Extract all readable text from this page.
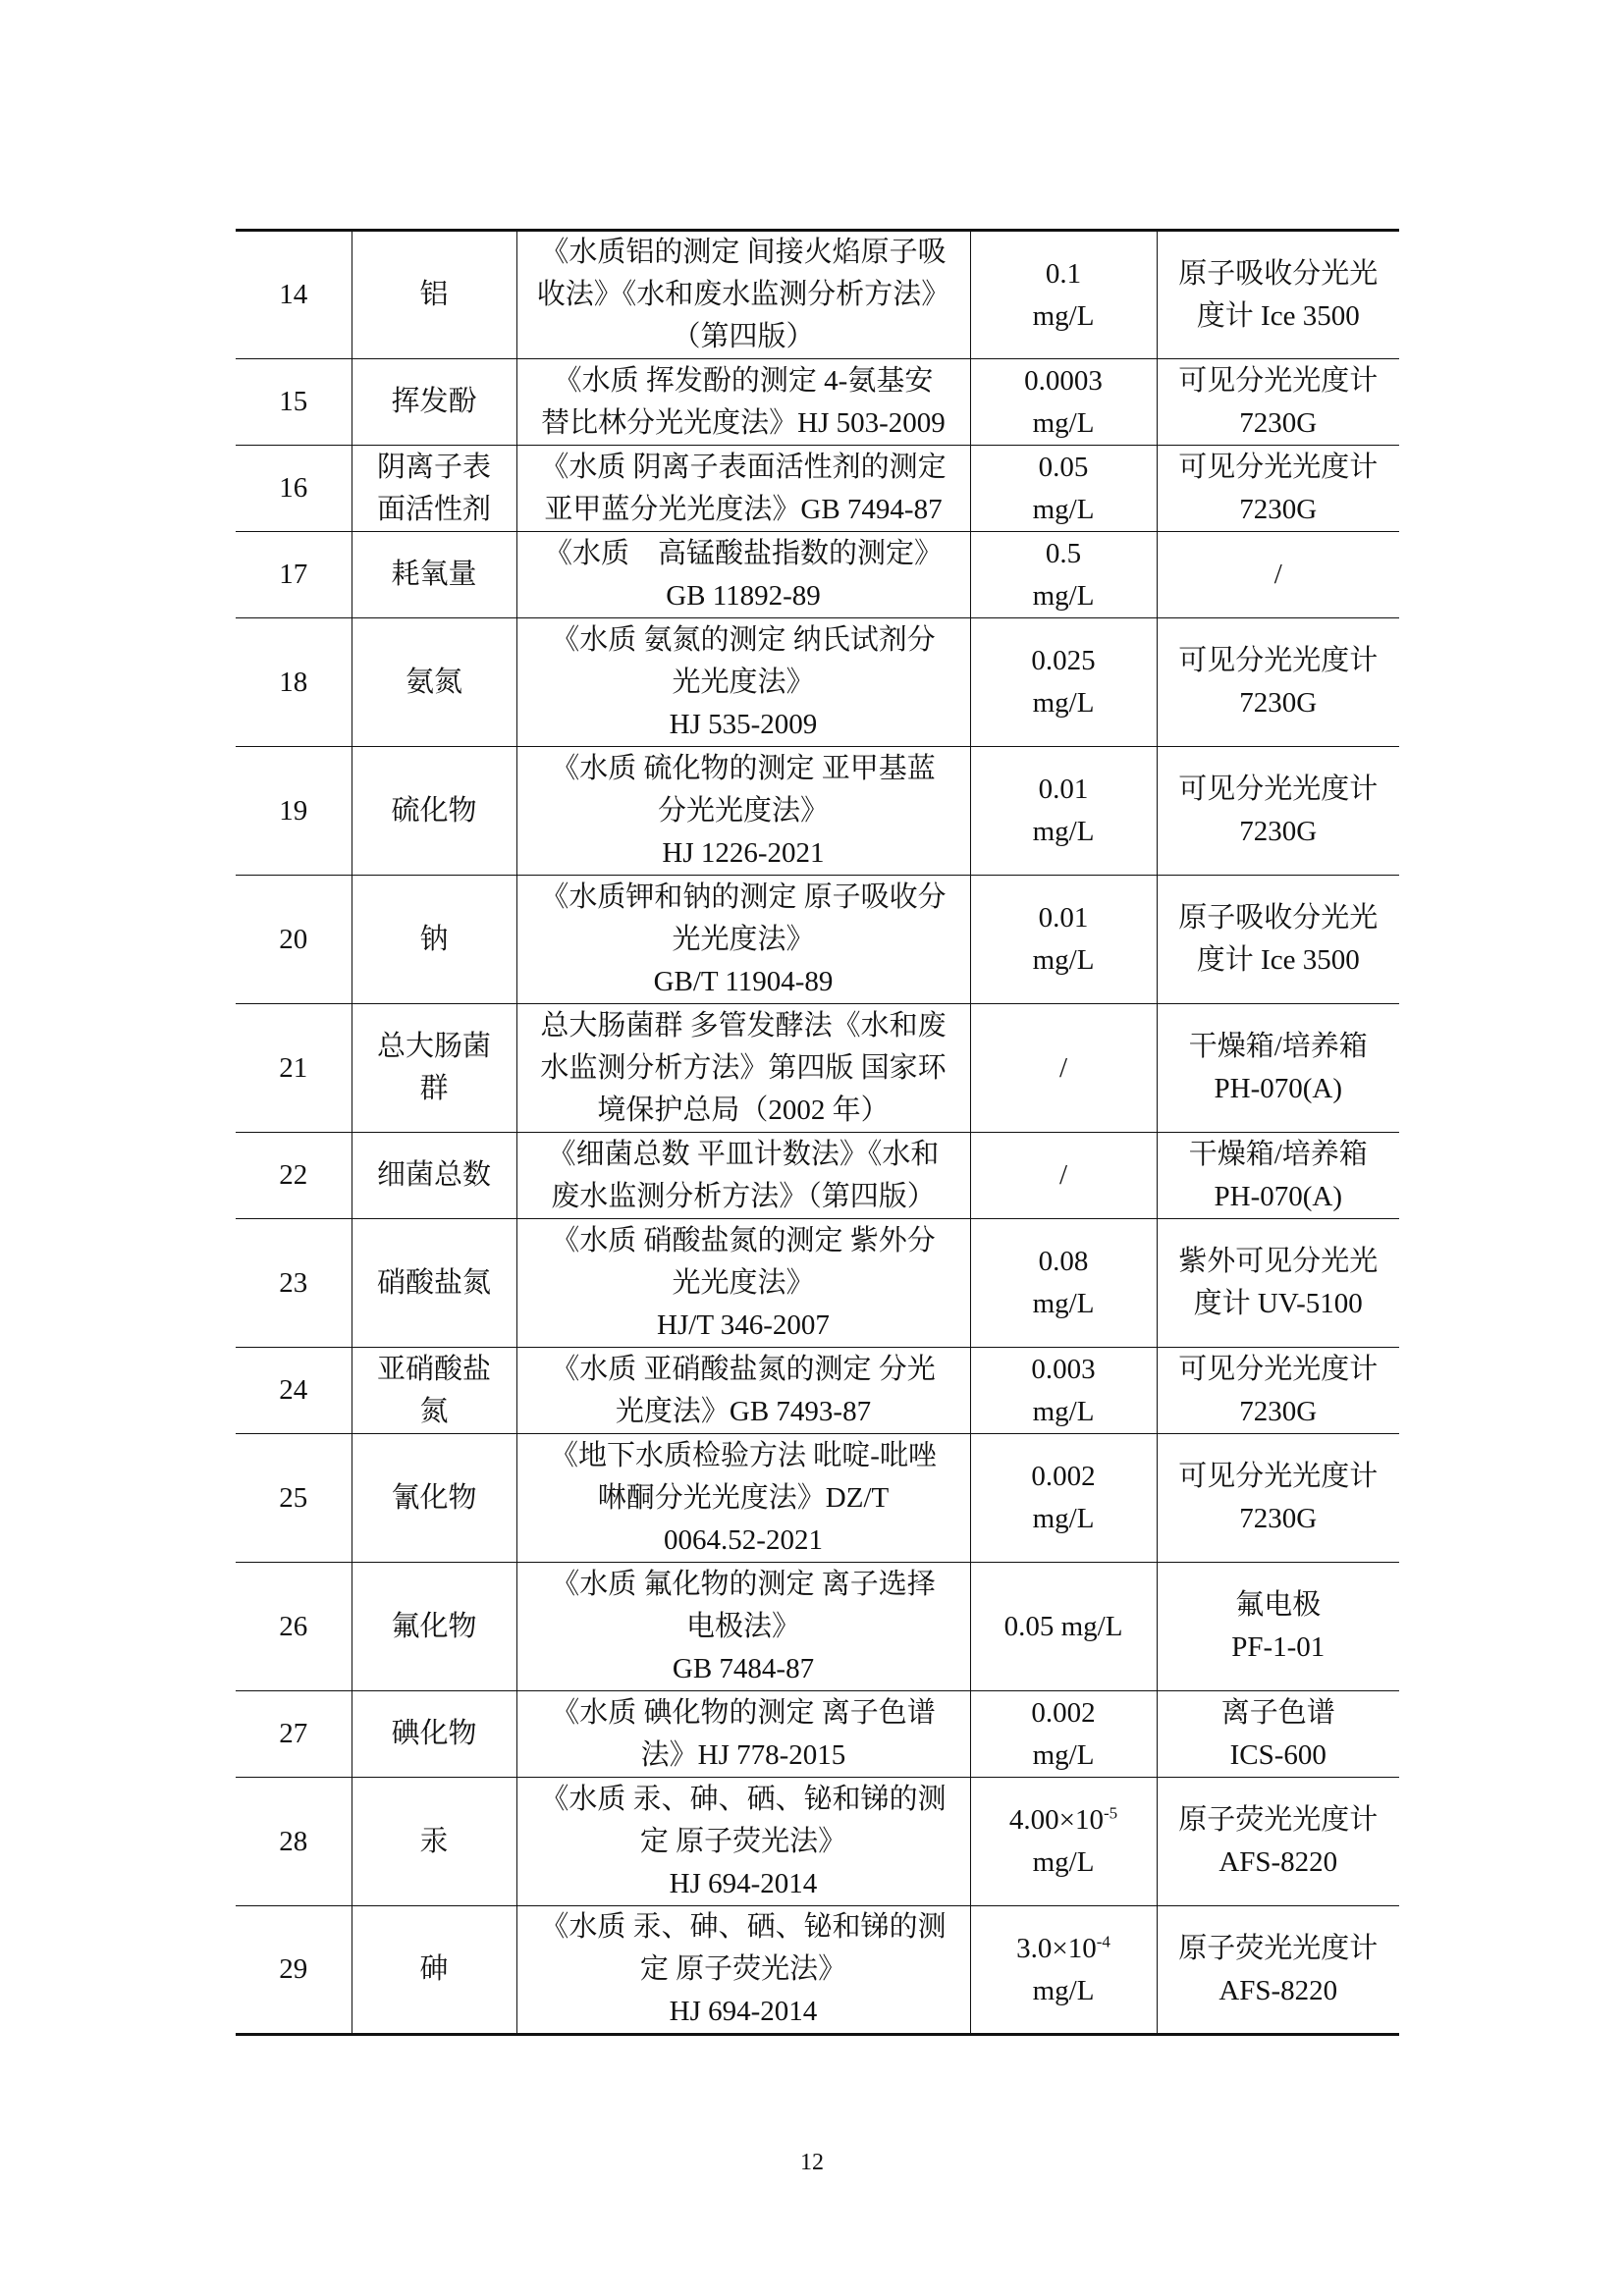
14	铝	《水质铝的测定 间接火焰原子吸
收法》《水和废水监测分析方法》
（第四版）	0.1
mg/L	原子吸收分光光
度计 Ice 3500

15	挥发酚	《水质 挥发酚的测定 4-氨基安
替比林分光光度法》HJ 503-2009	0.0003
mg/L	可见分光光度计
7230G

16	阴离子表
面活性剂	《水质 阴离子表面活性剂的测定
亚甲蓝分光光度法》GB 7494-87	0.05
mg/L	可见分光光度计
7230G

17	耗氧量	《水质　高锰酸盐指数的测定》
GB 11892-89	0.5
mg/L	/

18	氨氮	《水质 氨氮的测定 纳氏试剂分
光光度法》
HJ 535-2009	0.025
mg/L	可见分光光度计
7230G

19	硫化物	《水质 硫化物的测定 亚甲基蓝
分光光度法》
HJ 1226-2021	0.01
mg/L	可见分光光度计
7230G

20	钠	《水质钾和钠的测定 原子吸收分
光光度法》
GB/T 11904-89	0.01
mg/L	原子吸收分光光
度计 Ice 3500

21	总大肠菌
群	总大肠菌群 多管发酵法《水和废
水监测分析方法》第四版 国家环
境保护总局（2002 年）	/	干燥箱/培养箱
PH-070(A)

22	细菌总数	《细菌总数 平皿计数法》《水和
废水监测分析方法》（第四版）	/	干燥箱/培养箱
PH-070(A)

23	硝酸盐氮	《水质 硝酸盐氮的测定 紫外分
光光度法》
HJ/T 346-2007	0.08
mg/L	紫外可见分光光
度计 UV-5100

24	亚硝酸盐
氮	《水质 亚硝酸盐氮的测定 分光
光度法》GB 7493-87	0.003
mg/L	可见分光光度计
7230G

25	氰化物	《地下水质检验方法 吡啶-吡唑
啉酮分光光度法》DZ/T
0064.52-2021	0.002
mg/L	可见分光光度计
7230G

26	氟化物	《水质 氟化物的测定 离子选择
电极法》
GB 7484-87	0.05 mg/L	氟电极
PF-1-01

27	碘化物	《水质 碘化物的测定 离子色谱
法》HJ 778-2015	0.002
mg/L	离子色谱
ICS-600

28	汞	《水质 汞、砷、硒、铋和锑的测
定 原子荧光法》
HJ 694-2014	$4.00\times 10^{-5}$
mg/L	原子荧光光度计
AFS-8220

29	砷	《水质 汞、砷、硒、铋和锑的测
定 原子荧光法》
HJ 694-2014	$3.0\times 10^{-4}$
mg/L	原子荧光光度计
AFS-8220
12
